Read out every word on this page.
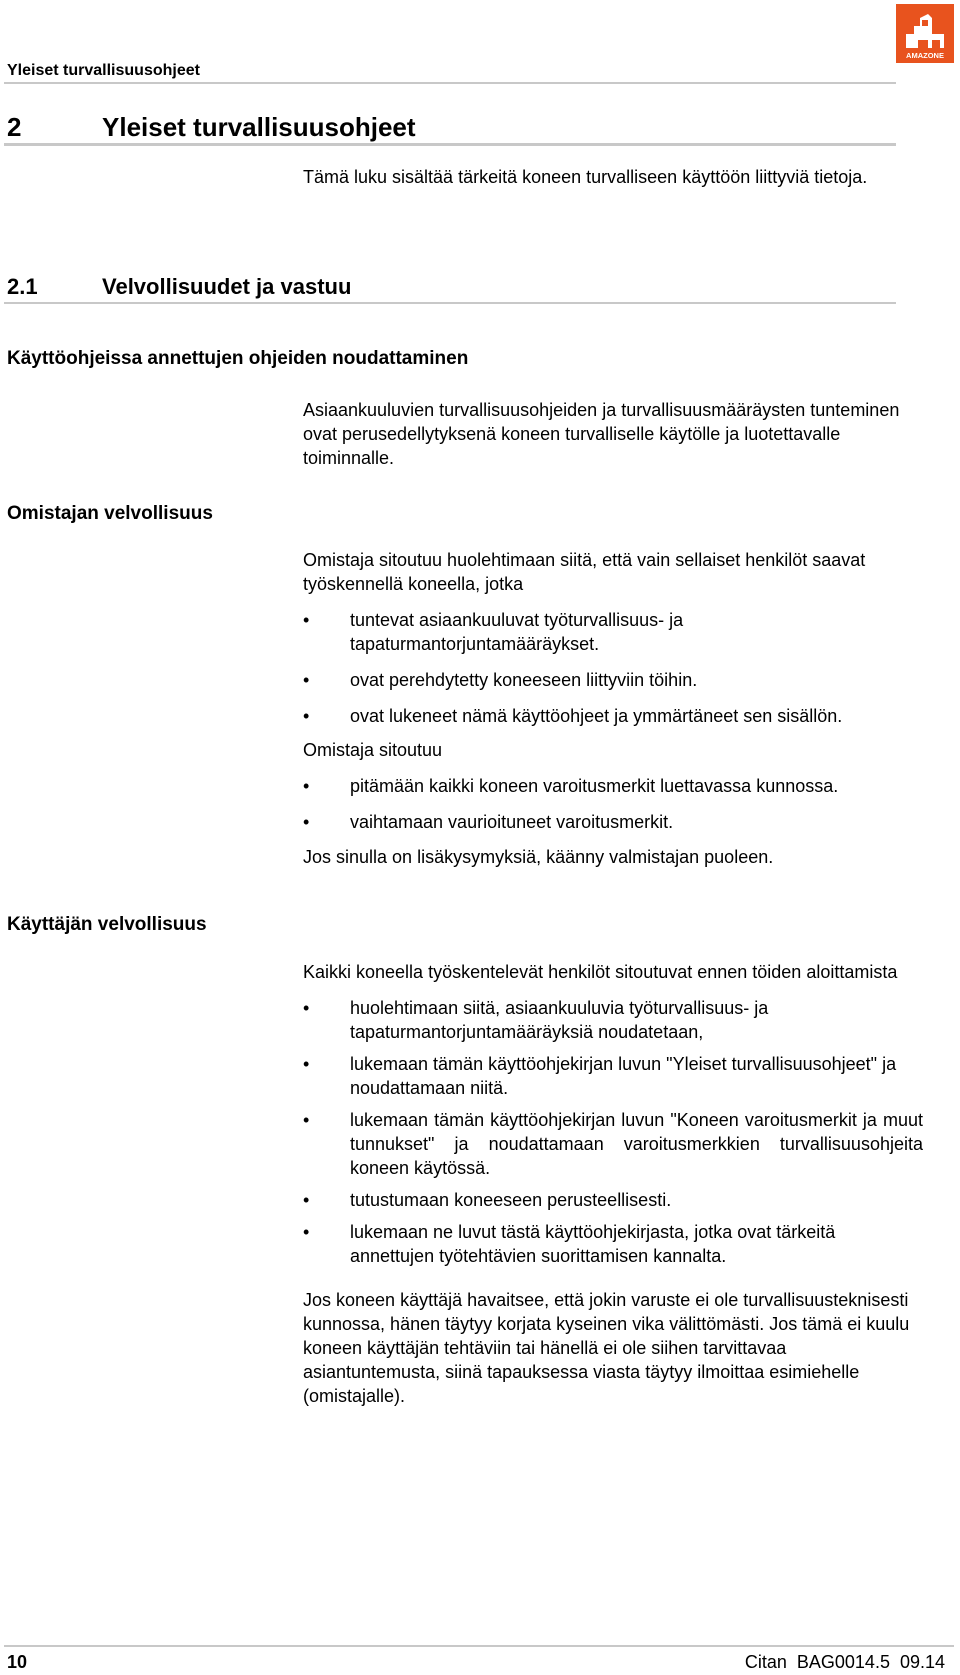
Yleiset turvallisuusohjeet
AMAZONE
2	Yleiset turvallisuusohjeet

Tämä luku sisältää tärkeitä koneen turvalliseen käyttöön liittyviä tietoja.

2.1	Velvollisuudet ja vastuu
Käyttöohjeissa annettujen ohjeiden noudattaminen

Asiaankuuluvien turvallisuusohjeiden ja turvallisuusmääräysten tunteminen ovat perusedellytyksenä koneen turvalliselle käytölle ja luotettavalle toiminnalle.

Omistajan velvollisuus

Omistaja sitoutuu huolehtimaan siitä, että vain sellaiset henkilöt saavat työskennellä koneella, jotka

• tuntevat asiaankuuluvat työturvallisuus- ja tapaturmantorjuntamääräykset.
• ovat perehdytetty koneeseen liittyviin töihin.
• ovat lukeneet nämä käyttöohjeet ja ymmärtäneet sen sisällön.

Omistaja sitoutuu

• pitämään kaikki koneen varoitusmerkit luettavassa kunnossa.
• vaihtamaan vaurioituneet varoitusmerkit.

Jos sinulla on lisäkysymyksiä, käänny valmistajan puoleen.

Käyttäjän velvollisuus

Kaikki koneella työskentelevät henkilöt sitoutuvat ennen töiden aloittamista

• huolehtimaan siitä, asiaankuuluvia työturvallisuus- ja tapaturmantorjuntamääräyksiä noudatetaan,
• lukemaan tämän käyttöohjekirjan luvun "Yleiset turvallisuusohjeet" ja noudattamaan niitä.
• lukemaan tämän käyttöohjekirjan luvun "Koneen varoitusmerkit ja muut tunnukset" ja noudattamaan varoitusmerkkien turvallisuusohjeita koneen käytössä.
• tutustumaan koneeseen perusteellisesti.
• lukemaan ne luvut tästä käyttöohjekirjasta, jotka ovat tärkeitä annettujen työtehtävien suorittamisen kannalta.

Jos koneen käyttäjä havaitsee, että jokin varuste ei ole turvallisuusteknisesti kunnossa, hänen täytyy korjata kyseinen vika välittömästi. Jos tämä ei kuulu koneen käyttäjän tehtäviin tai hänellä ei ole siihen tarvittavaa asiantuntemusta, siinä tapauksessa viasta täytyy ilmoittaa esimiehelle (omistajalle).

10	Citan  BAG0014.5  09.14
